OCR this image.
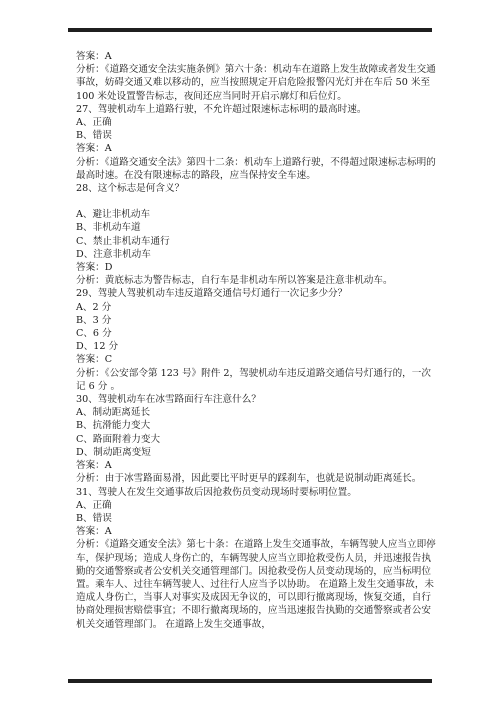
答案：A

分析：《道路交通安全法实施条例》第六十条：机动车在道路上发生故障或者发生交通事故，妨碍交通又难以移动的，应当按照规定开启危险报警闪光灯并在车后 50 米至 100 米处设置警告标志，夜间还应当同时开启示廓灯和后位灯。

27、驾驶机动车上道路行驶，不允许超过限速标志标明的最高时速。

A、正确

B、错误

答案：A

分析：《道路交通安全法》第四十二条：机动车上道路行驶，不得超过限速标志标明的最高时速。在没有限速标志的路段，应当保持安全车速。

28、这个标志是何含义？

A、避让非机动车

B、非机动车道

C、禁止非机动车通行

D、注意非机动车

答案：D

分析：黄底标志为警告标志，自行车是非机动车所以答案是注意非机动车。

29、驾驶人驾驶机动车违反道路交通信号灯通行一次记多少分？

A、2 分

B、3 分

C、6 分

D、12 分

答案：C

分析：《公安部令第 123 号》附件 2，驾驶机动车违反道路交通信号灯通行的，一次记 6 分 。

30、驾驶机动车在冰雪路面行车注意什么？

A、制动距离延长

B、抗滑能力变大

C、路面附着力变大

D、制动距离变短

答案：A

分析：由于冰雪路面易滑，因此要比平时更早的踩刹车，也就是说制动距离延长。

31、驾驶人在发生交通事故后因抢救伤员变动现场时要标明位置。

A、正确

B、错误

答案：A

分析：《道路交通安全法》第七十条：在道路上发生交通事故，车辆驾驶人应当立即停车，保护现场；造成人身伤亡的，车辆驾驶人应当立即抢救受伤人员，并迅速报告执勤的交通警察或者公安机关交通管理部门。因抢救受伤人员变动现场的，应当标明位置。乘车人、过往车辆驾驶人、过往行人应当予以协助。 在道路上发生交通事故，未造成人身伤亡，当事人对事实及成因无争议的，可以即行撤离现场，恢复交通，自行协商处理损害赔偿事宜；不即行撤离现场的，应当迅速报告执勤的交通警察或者公安机关交通管理部门。 在道路上发生交通事故，
